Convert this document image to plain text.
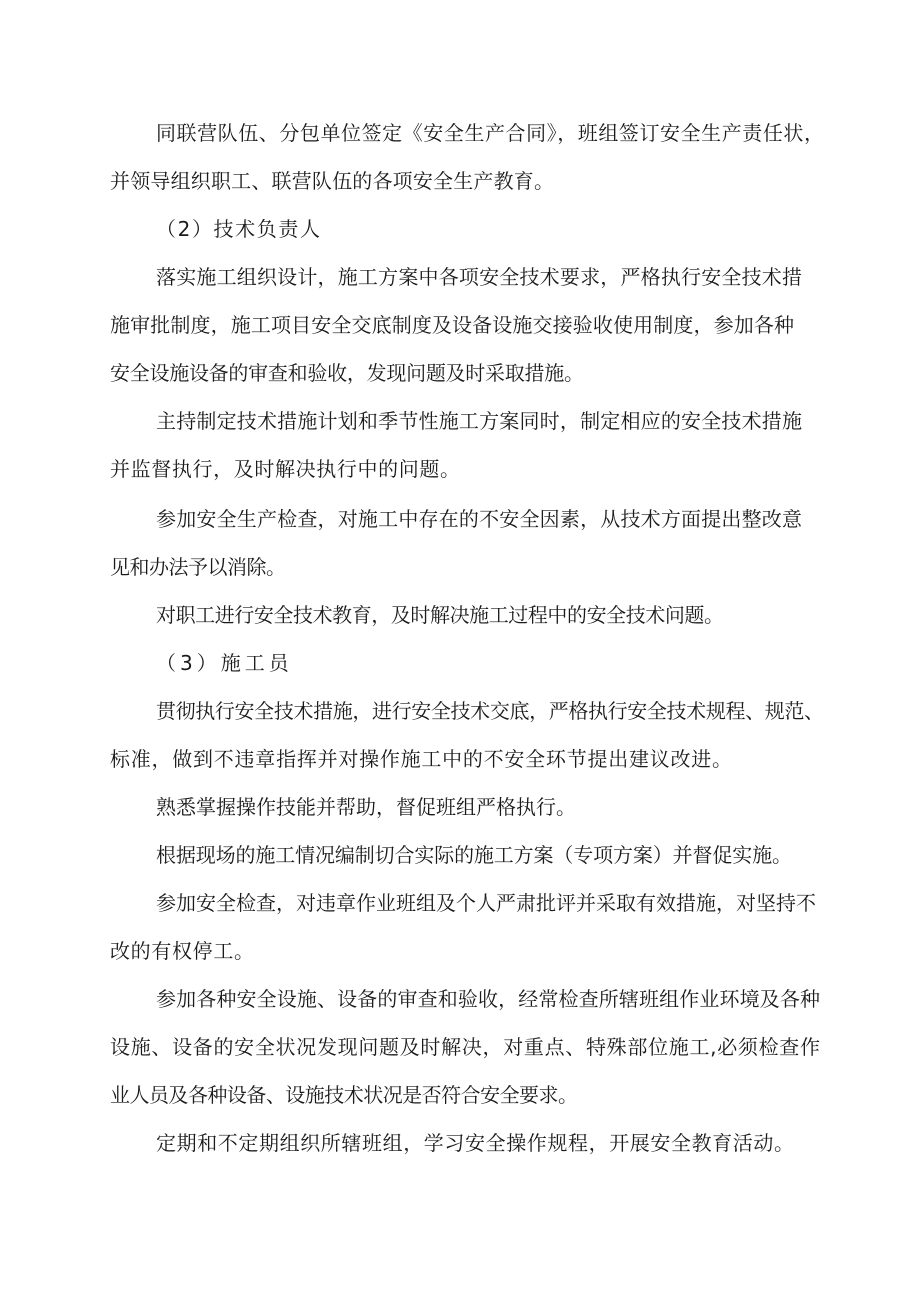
同联营队伍、分包单位签定《安全生产合同》，班组签订安全生产责任状，
并领导组织职工、联营队伍的各项安全生产教育。
（2）技术负责人
落实施工组织设计，施工方案中各项安全技术要求，严格执行安全技术措
施审批制度，施工项目安全交底制度及设备设施交接验收使用制度，参加各种
安全设施设备的审查和验收，发现问题及时采取措施。
主持制定技术措施计划和季节性施工方案同时，制定相应的安全技术措施
并监督执行，及时解决执行中的问题。
参加安全生产检查，对施工中存在的不安全因素，从技术方面提出整改意
见和办法予以消除。
对职工进行安全技术教育，及时解决施工过程中的安全技术问题。
（3）施工员
贯彻执行安全技术措施，进行安全技术交底，严格执行安全技术规程、规范、
标准，做到不违章指挥并对操作施工中的不安全环节提出建议改进。
熟悉掌握操作技能并帮助，督促班组严格执行。
根据现场的施工情况编制切合实际的施工方案（专项方案）并督促实施。
参加安全检查，对违章作业班组及个人严肃批评并采取有效措施，对坚持不
改的有权停工。
参加各种安全设施、设备的审查和验收，经常检查所辖班组作业环境及各种
设施、设备的安全状况发现问题及时解决，对重点、特殊部位施工,必须检查作
业人员及各种设备、设施技术状况是否符合安全要求。
定期和不定期组织所辖班组，学习安全操作规程，开展安全教育活动。
